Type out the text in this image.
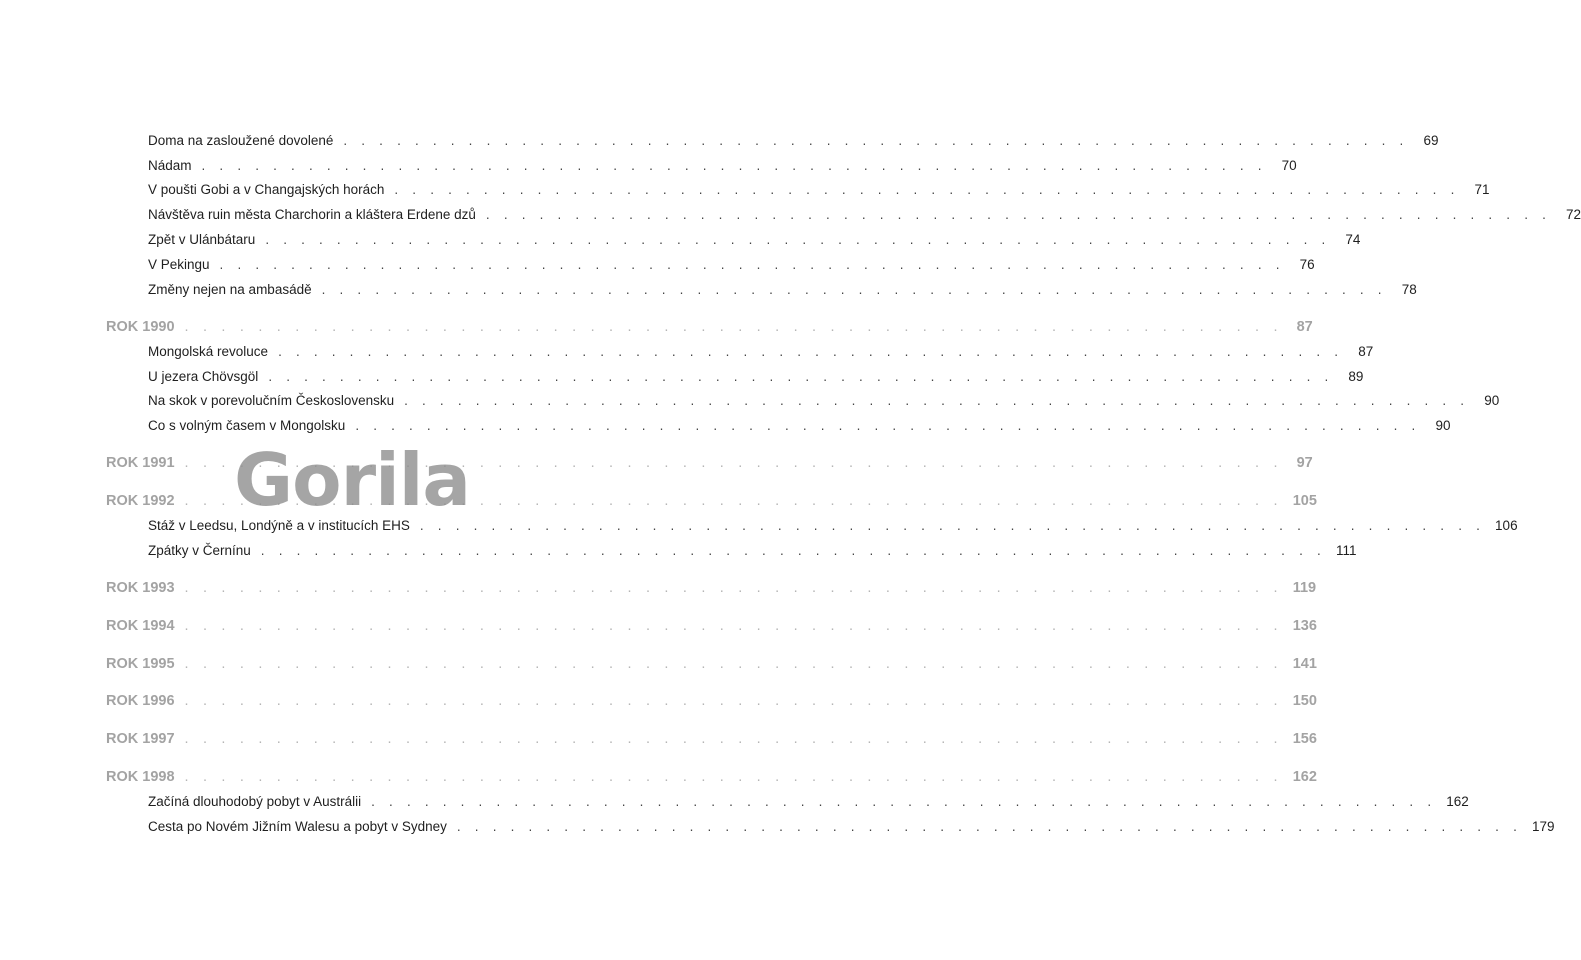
Doma na zasloužené dovolené . . . . . . . . . . . . . . . . . . . . . . . . . . . . . . . . . . . . . . . . . . . . . . . . . . . . . . . . . . . .	69
Nádam . . . . . . . . . . . . . . . . . . . . . . . . . . . . . . . . . . . . . . . . . . . . . . . . . . . . . . . . . . . .	70
V poušti Gobi a v Changajských horách . . . . . . . . . . . . . . . . . . . . . . . . . . . . . . . . . . . . . . . . . . . . . . . . . . . . . . . . . . . .	71
Návštěva ruin města Charchorin a kláštera Erdene dzů . . . . . . . . . . . . . . . . . . . . . . . . . . . . . . . . . . . . . . . . . . . . . . . . . . . . . . . . . . . .	72
Zpět v Ulánbátaru . . . . . . . . . . . . . . . . . . . . . . . . . . . . . . . . . . . . . . . . . . . . . . . . . . . . . . . . . . . .	74
V Pekingu . . . . . . . . . . . . . . . . . . . . . . . . . . . . . . . . . . . . . . . . . . . . . . . . . . . . . . . . . . . .	76
Změny nejen na ambasádě . . . . . . . . . . . . . . . . . . . . . . . . . . . . . . . . . . . . . . . . . . . . . . . . . . . . . . . . . . . .	78
ROK 1990 . . . . . . . . . . . . . . . . . . . . . . . . . . . . . . . . . . . . . . . . . . . . . . . . . . . . . . . . . . . . 87
Mongolská revoluce . . . . . . . . . . . . . . . . . . . . . . . . . . . . . . . . . . . . . . . . . . . . . . . . . . . . . . . . . . . .	87
U jezera Chövsgöl . . . . . . . . . . . . . . . . . . . . . . . . . . . . . . . . . . . . . . . . . . . . . . . . . . . . . . . . . . . .	89
Na skok v porevolučním Československu . . . . . . . . . . . . . . . . . . . . . . . . . . . . . . . . . . . . . . . . . . . . . . . . . . . . . . . . . . . .	90
Co s volným časem v Mongolsku . . . . . . . . . . . . . . . . . . . . . . . . . . . . . . . . . . . . . . . . . . . . . . . . . . . . . . . . . . . .	90
ROK 1991 . . . . . . . . . . . . . . . . . . . . . . . . . . . . . . . . . . . . . . . . . . . . . . . . . . . . . . . . . . . . 97
ROK 1992 . . . . . . . . . . . . . . . . . . . . . . . . . . . . . . . . . . . . . . . . . . . . . . . . . . . . . . . . . . . . 105
Stáž v Leedsu, Londýně a v institucích EHS . . . . . . . . . . . . . . . . . . . . . . . . . . . . . . . . . . . . . . . . . . . . . . . . . . . . . . . . . . . . 106
Zpátky v Černínu . . . . . . . . . . . . . . . . . . . . . . . . . . . . . . . . . . . . . . . . . . . . . . . . . . . . . . . . . . . . 111
ROK 1993 . . . . . . . . . . . . . . . . . . . . . . . . . . . . . . . . . . . . . . . . . . . . . . . . . . . . . . . . . . . . 119
ROK 1994 . . . . . . . . . . . . . . . . . . . . . . . . . . . . . . . . . . . . . . . . . . . . . . . . . . . . . . . . . . . . 136
ROK 1995 . . . . . . . . . . . . . . . . . . . . . . . . . . . . . . . . . . . . . . . . . . . . . . . . . . . . . . . . . . . . 141
ROK 1996 . . . . . . . . . . . . . . . . . . . . . . . . . . . . . . . . . . . . . . . . . . . . . . . . . . . . . . . . . . . . 150
ROK 1997 . . . . . . . . . . . . . . . . . . . . . . . . . . . . . . . . . . . . . . . . . . . . . . . . . . . . . . . . . . . . 156
ROK 1998 . . . . . . . . . . . . . . . . . . . . . . . . . . . . . . . . . . . . . . . . . . . . . . . . . . . . . . . . . . . . 162
Začíná dlouhodobý pobyt v Austrálii . . . . . . . . . . . . . . . . . . . . . . . . . . . . . . . . . . . . . . . . . . . . . . . . . . . . . . . . . . . . 162
Cesta po Novém Jižním Walesu a pobyt v Sydney . . . . . . . . . . . . . . . . . . . . . . . . . . . . . . . . . . . . . . . . . . . . . . . . . . . . . . . . . . . . 179
Gorila
